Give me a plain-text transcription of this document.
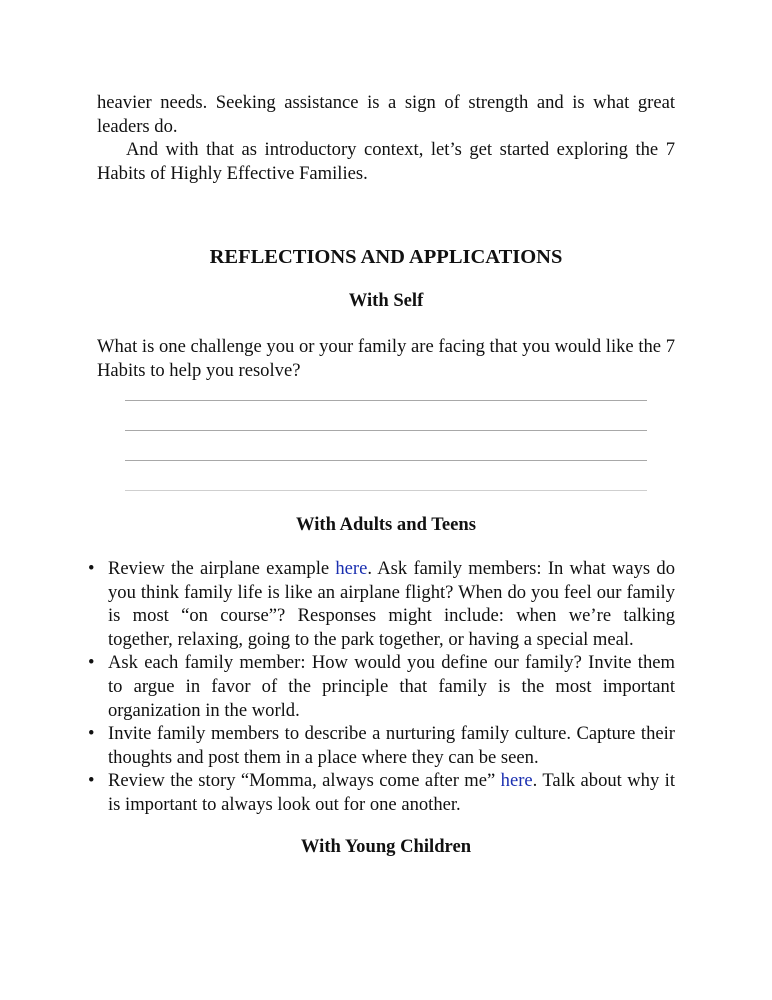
heavier needs. Seeking assistance is a sign of strength and is what great leaders do.
And with that as introductory context, let’s get started exploring the 7 Habits of Highly Effective Families.
REFLECTIONS AND APPLICATIONS
With Self
What is one challenge you or your family are facing that you would like the 7 Habits to help you resolve?
With Adults and Teens
• Review the airplane example here. Ask family members: In what ways do you think family life is like an airplane flight? When do you feel our family is most “on course”? Responses might include: when we’re talking together, relaxing, going to the park together, or having a special meal.
• Ask each family member: How would you define our family? Invite them to argue in favor of the principle that family is the most important organization in the world.
• Invite family members to describe a nurturing family culture. Capture their thoughts and post them in a place where they can be seen.
• Review the story “Momma, always come after me” here. Talk about why it is important to always look out for one another.
With Young Children
